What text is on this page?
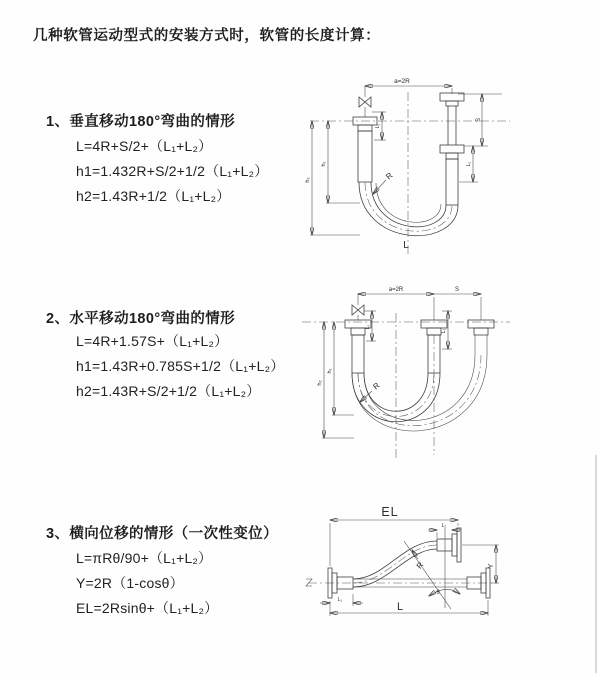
几种软管运动型式的安装方式时，软管的长度计算：
1、垂直移动180°弯曲的情形
L=4R+S/2+（L₁+L₂）
h1=1.432R+S/2+1/2（L₁+L₂）
h2=1.43R+1/2（L₁+L₂）
2、水平移动180°弯曲的情形
L=4R+1.57S+（L₁+L₂）
h1=1.43R+0.785S+1/2（L₁+L₂）
h2=1.43R+S/2+1/2（L₁+L₂）
3、横向位移的情形（一次性变位）
L=πRθ/90+（L₁+L₂）
Y=2R（1-cosθ）
EL=2Rsinθ+（L₁+L₂）
a=2R
h₂
h₁
L₁
S
L₂
R
L
a=2R	S
h₂
h₁
L₁
L₂
R
EL
L₂
Y
θ
R
L
L₁
